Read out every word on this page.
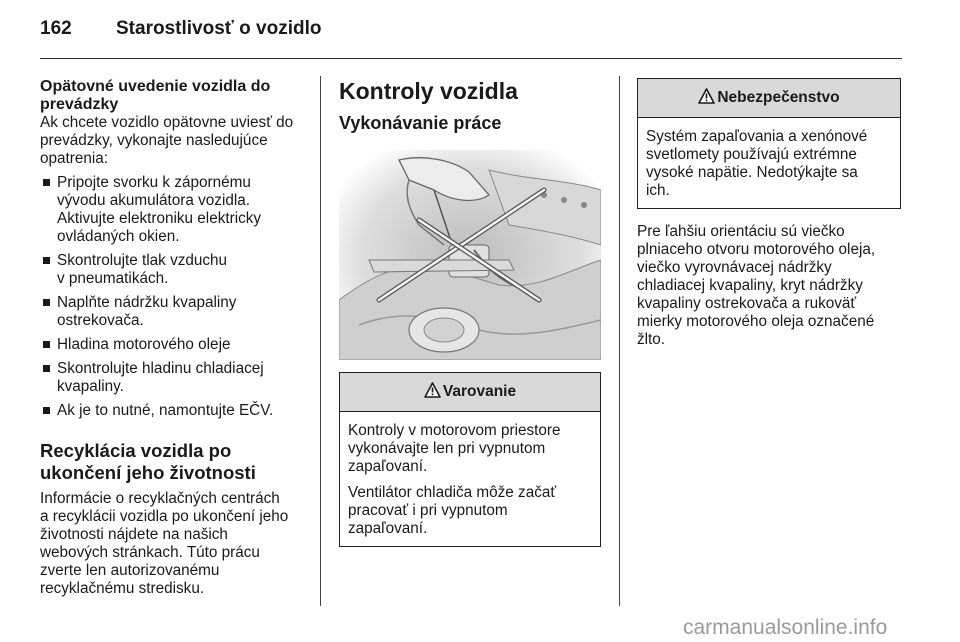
162 Starostlivosť o vozidlo
Opätovné uvedenie vozidla do
prevádzky

Ak chcete vozidlo opätovne uviesť do
prevádzky, vykonajte nasledujúce
opatrenia:

Pripojte svorku k zápornému
vývodu akumulátora vozidla.
Aktivujte elektroniku elektricky
ovládaných okien.
Skontrolujte tlak vzduchu
v pneumatikách.
Naplňte nádržku kvapaliny
ostrekovača.
Hladina motorového oleje
Skontrolujte hladinu chladiacej
kvapaliny.
Ak je to nutné, namontujte EČV.
Recyklácia vozidla po
ukončení jeho životnosti

Informácie o recyklačných centrách
a recyklácii vozidla po ukončení jeho
životnosti nájdete na našich
webových stránkach. Túto prácu
zverte len autorizovanému
recyklačnému stredisku.

Kontroly vozidla
Vykonávanie práce
Varovanie

Kontroly v motorovom priestore
vykonávajte len pri vypnutom
zapaľovaní.

Ventilátor chladiča môže začať
pracovať i pri vypnutom
zapaľovaní.

Nebezpečenstvo

Systém zapaľovania a xenónové
svetlomety používajú extrémne
vysoké napätie. Nedotýkajte sa
ich.

Pre ľahšiu orientáciu sú viečko
plniaceho otvoru motorového oleja,
viečko vyrovnávacej nádržky
chladiacej kvapaliny, kryt nádržky
kvapaliny ostrekovača a rukoväť
mierky motorového oleja označené
žlto.

carmanualsonline.info
